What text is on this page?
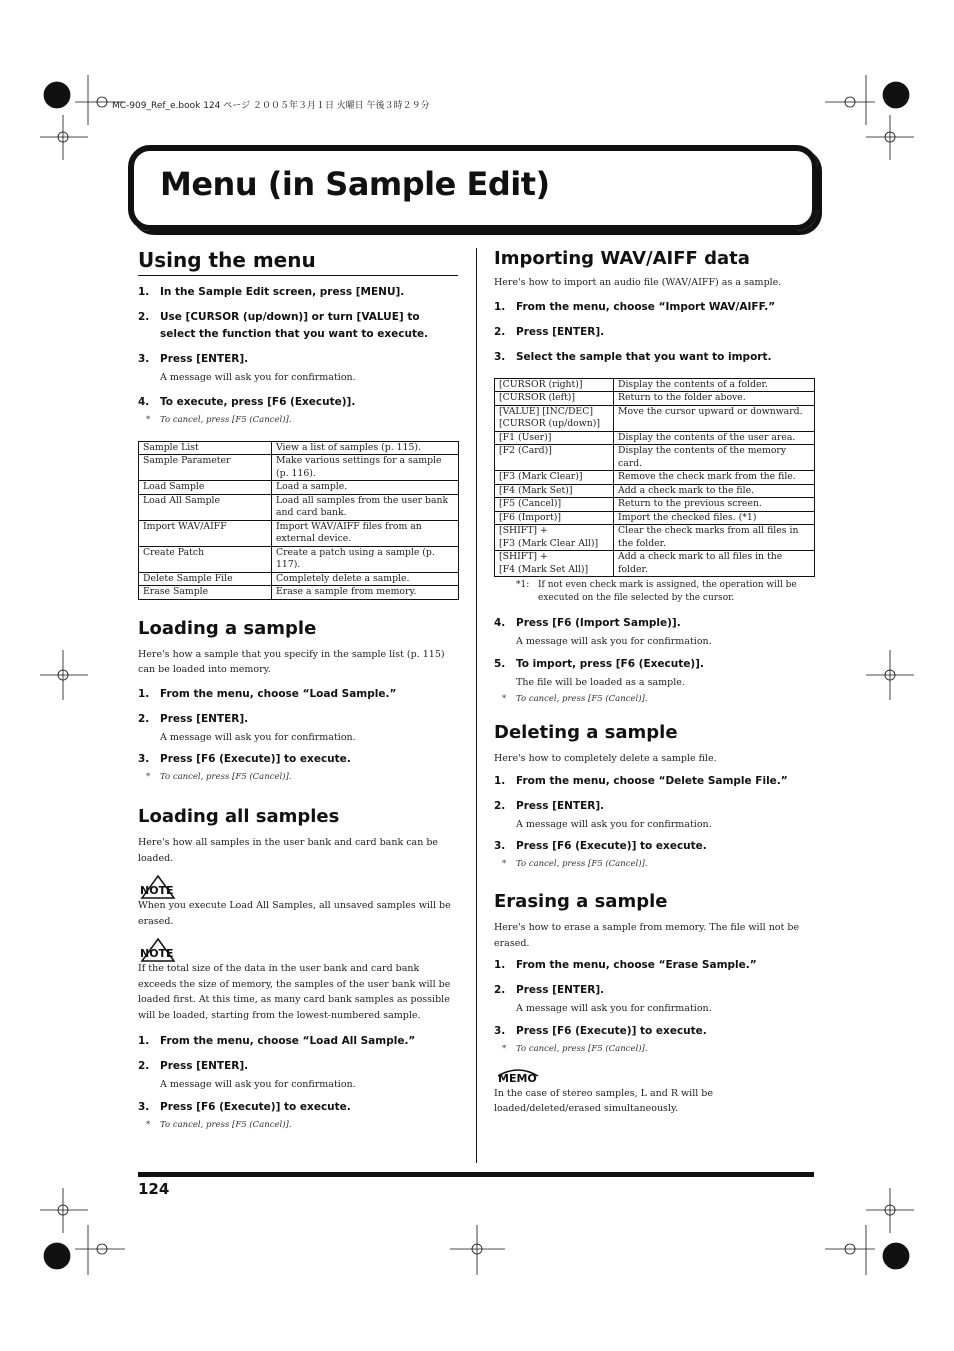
MC-909_Ref_e.book 124 ページ ２００５年３月１日 火曜日 午後３時２９分
Menu (in Sample Edit)
Using the menu
1.	In the Sample Edit screen, press [MENU].
2.	Use [CURSOR (up/down)] or turn [VALUE] to select the function that you want to execute.
3.	Press [ENTER].
A message will ask you for confirmation.
4.	To execute, press [F6 (Execute)].
*	To cancel, press [F5 (Cancel)].
Sample List	View a list of samples (p. 115).
Sample Parameter	Make various settings for a sample (p. 116).
Load Sample	Load a sample.
Load All Sample	Load all samples from the user bank and card bank.
Import WAV/AIFF	Import WAV/AIFF files from an external device.
Create Patch	Create a patch using a sample (p. 117).
Delete Sample File	Completely delete a sample.
Erase Sample	Erase a sample from memory.
Loading a sample
Here's how a sample that you specify in the sample list (p. 115) can be loaded into memory.
1.	From the menu, choose “Load Sample.”
2.	Press [ENTER].
A message will ask you for confirmation.
3.	Press [F6 (Execute)] to execute.
*	To cancel, press [F5 (Cancel)].
Loading all samples
Here's how all samples in the user bank and card bank can be loaded.
NOTE
When you execute Load All Samples, all unsaved samples will be erased.
NOTE
If the total size of the data in the user bank and card bank exceeds the size of memory, the samples of the user bank will be loaded first. At this time, as many card bank samples as possible will be loaded, starting from the lowest-numbered sample.
1.	From the menu, choose “Load All Sample.”
2.	Press [ENTER].
A message will ask you for confirmation.
3.	Press [F6 (Execute)] to execute.
*	To cancel, press [F5 (Cancel)].
Importing WAV/AIFF data
Here's how to import an audio file (WAV/AIFF) as a sample.
1.	From the menu, choose “Import WAV/AIFF.”
2.	Press [ENTER].
3.	Select the sample that you want to import.
[CURSOR (right)]	Display the contents of a folder.
[CURSOR (left)]	Return to the folder above.
[VALUE] [INC/DEC]
[CURSOR (up/down)]	Move the cursor upward or downward.
[F1 (User)]	Display the contents of the user area.
[F2 (Card)]	Display the contents of the memory card.
[F3 (Mark Clear)]	Remove the check mark from the file.
[F4 (Mark Set)]	Add a check mark to the file.
[F5 (Cancel)]	Return to the previous screen.
[F6 (Import)]	Import the checked files. (*1)
[SHIFT] +
[F3 (Mark Clear All)]	Clear the check marks from all files in the folder.
[SHIFT] +
[F4 (Mark Set All)]	Add a check mark to all files in the folder.
*1: If not even check mark is assigned, the operation will be executed on the file selected by the cursor.
4.	Press [F6 (Import Sample)].
A message will ask you for confirmation.
5.	To import, press [F6 (Execute)].
The file will be loaded as a sample.
*	To cancel, press [F5 (Cancel)].
Deleting a sample
Here's how to completely delete a sample file.
1.	From the menu, choose “Delete Sample File.”
2.	Press [ENTER].
A message will ask you for confirmation.
3.	Press [F6 (Execute)] to execute.
*	To cancel, press [F5 (Cancel)].
Erasing a sample
Here's how to erase a sample from memory. The file will not be erased.
1.	From the menu, choose “Erase Sample.”
2.	Press [ENTER].
A message will ask you for confirmation.
3.	Press [F6 (Execute)] to execute.
*	To cancel, press [F5 (Cancel)].
MEMO
In the case of stereo samples, L and R will be loaded/deleted/erased simultaneously.
124
